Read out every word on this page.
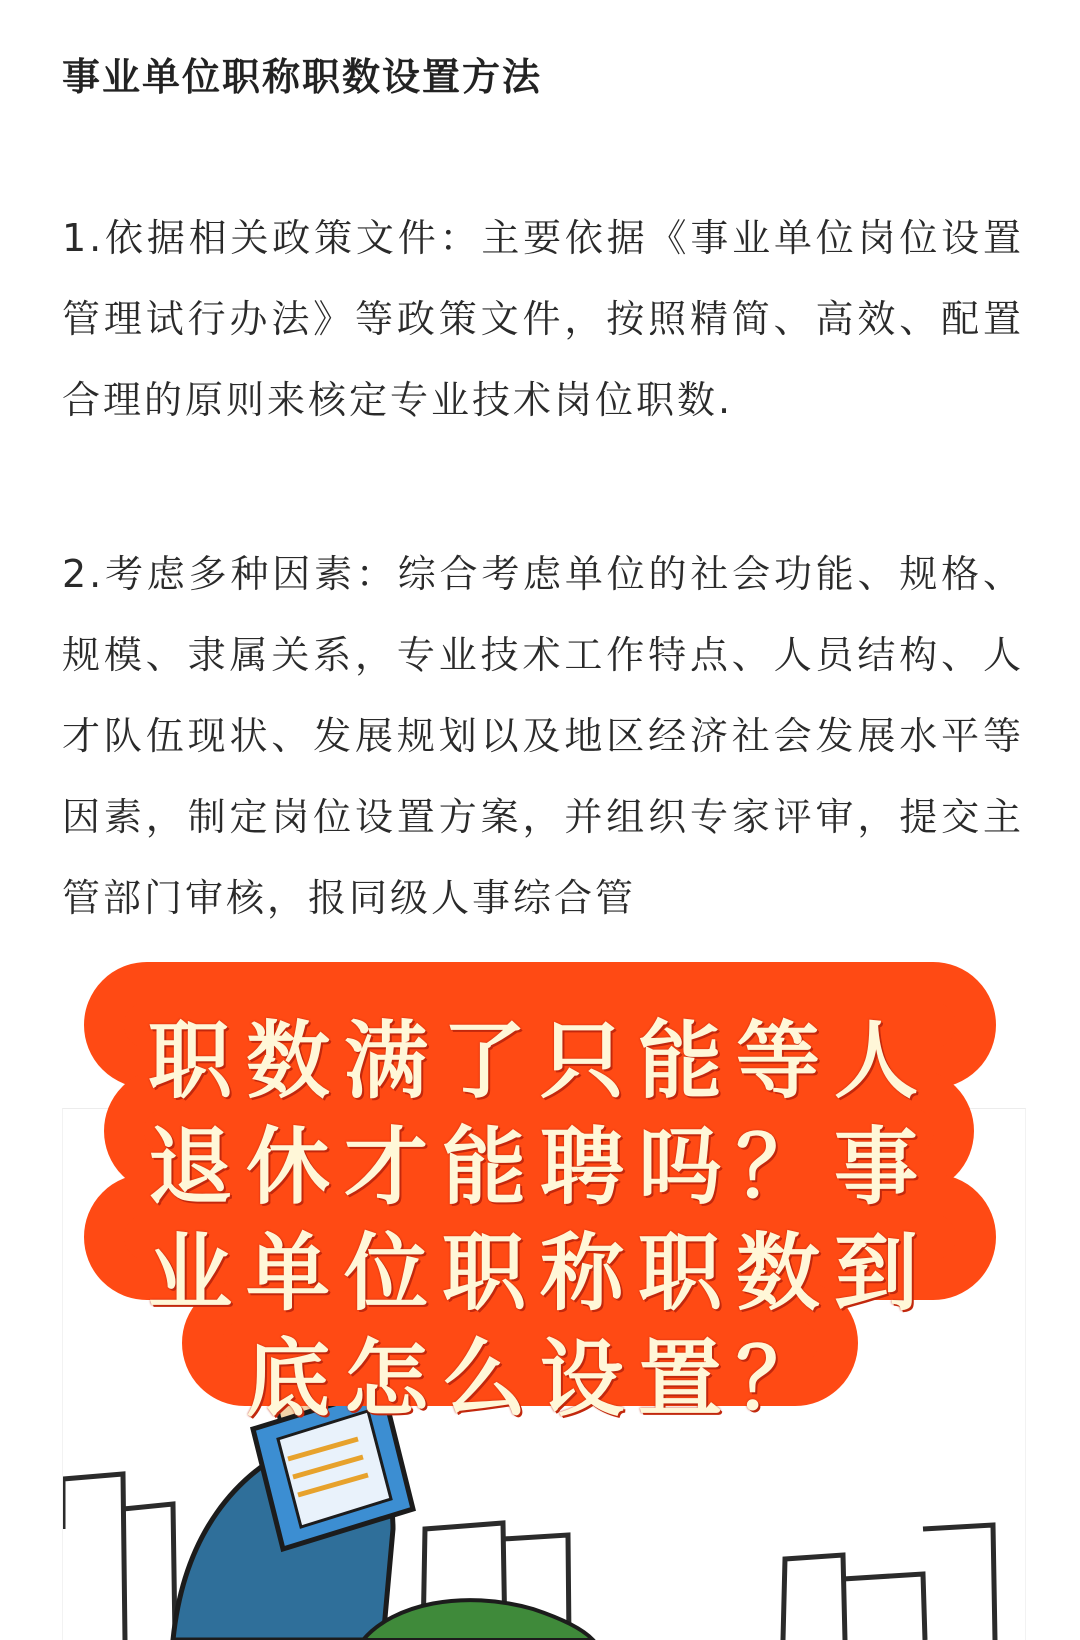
事业单位职称职数设置方法

1.依据相关政策文件：主要依据《事业单位岗位设置管理试行办法》等政策文件，按照精简、高效、配置合理的原则来核定专业技术岗位职数.

2.考虑多种因素：综合考虑单位的社会功能、规格、规模、隶属关系，专业技术工作特点、人员结构、人才队伍现状、发展规划以及地区经济社会发展水平等因素，制定岗位设置方案，并组织专家评审，提交主管部门审核，报同级人事综合管

职数满了只能等人
退休才能聘吗？事
业单位职称职数到
底怎么设置？
